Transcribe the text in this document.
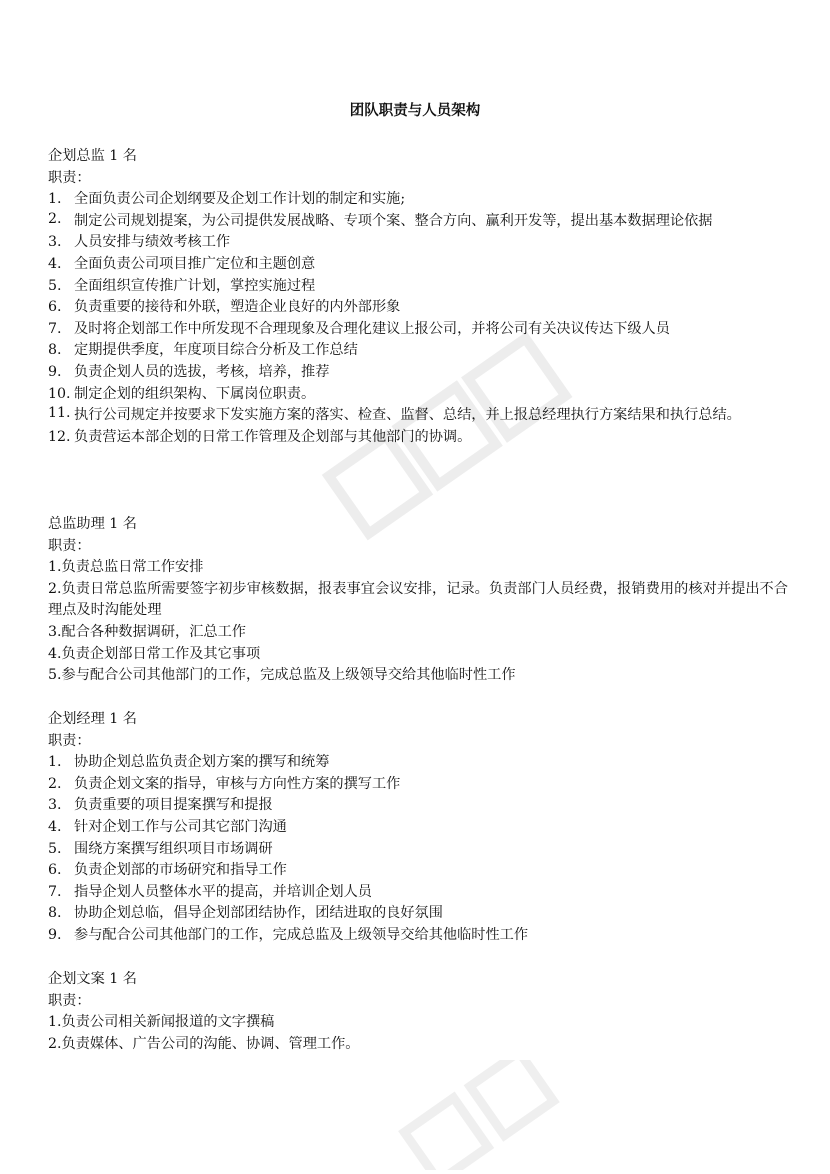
团队职责与人员架构
企划总监 1 名
职责：
1. 全面负责公司企划纲要及企划工作计划的制定和实施;
2. 制定公司规划提案，为公司提供发展战略、专项个案、整合方向、赢利开发等，提出基本数据理论依据
3. 人员安排与绩效考核工作
4. 全面负责公司项目推广定位和主题创意
5. 全面组织宣传推广计划，掌控实施过程
6. 负责重要的接待和外联，塑造企业良好的内外部形象
7. 及时将企划部工作中所发现不合理现象及合理化建议上报公司，并将公司有关决议传达下级人员
8. 定期提供季度，年度项目综合分析及工作总结
9. 负责企划人员的选拔，考核，培养，推荐
10. 制定企划的组织架构、下属岗位职责。
11. 执行公司规定并按要求下发实施方案的落实、检查、监督、总结，并上报总经理执行方案结果和执行总结。
12. 负责营运本部企划的日常工作管理及企划部与其他部门的协调。
总监助理 1 名
职责：
1.负责总监日常工作安排
2.负责日常总监所需要签字初步审核数据，报表事宜会议安排，记录。负责部门人员经费，报销费用的核对并提出不合理点及时沟能处理
3.配合各种数据调研，汇总工作
4.负责企划部日常工作及其它事项
5.参与配合公司其他部门的工作，完成总监及上级领导交给其他临时性工作
企划经理 1 名
职责：
1. 协助企划总监负责企划方案的撰写和统筹
2. 负责企划文案的指导，审核与方向性方案的撰写工作
3. 负责重要的项目提案撰写和提报
4. 针对企划工作与公司其它部门沟通
5. 围绕方案撰写组织项目市场调研
6. 负责企划部的市场研究和指导工作
7. 指导企划人员整体水平的提高，并培训企划人员
8. 协助企划总临，倡导企划部团结协作，团结进取的良好氛围
9. 参与配合公司其他部门的工作，完成总监及上级领导交给其他临时性工作
企划文案 1 名
职责：
1.负责公司相关新闻报道的文字撰稿
2.负责媒体、广告公司的沟能、协调、管理工作。
